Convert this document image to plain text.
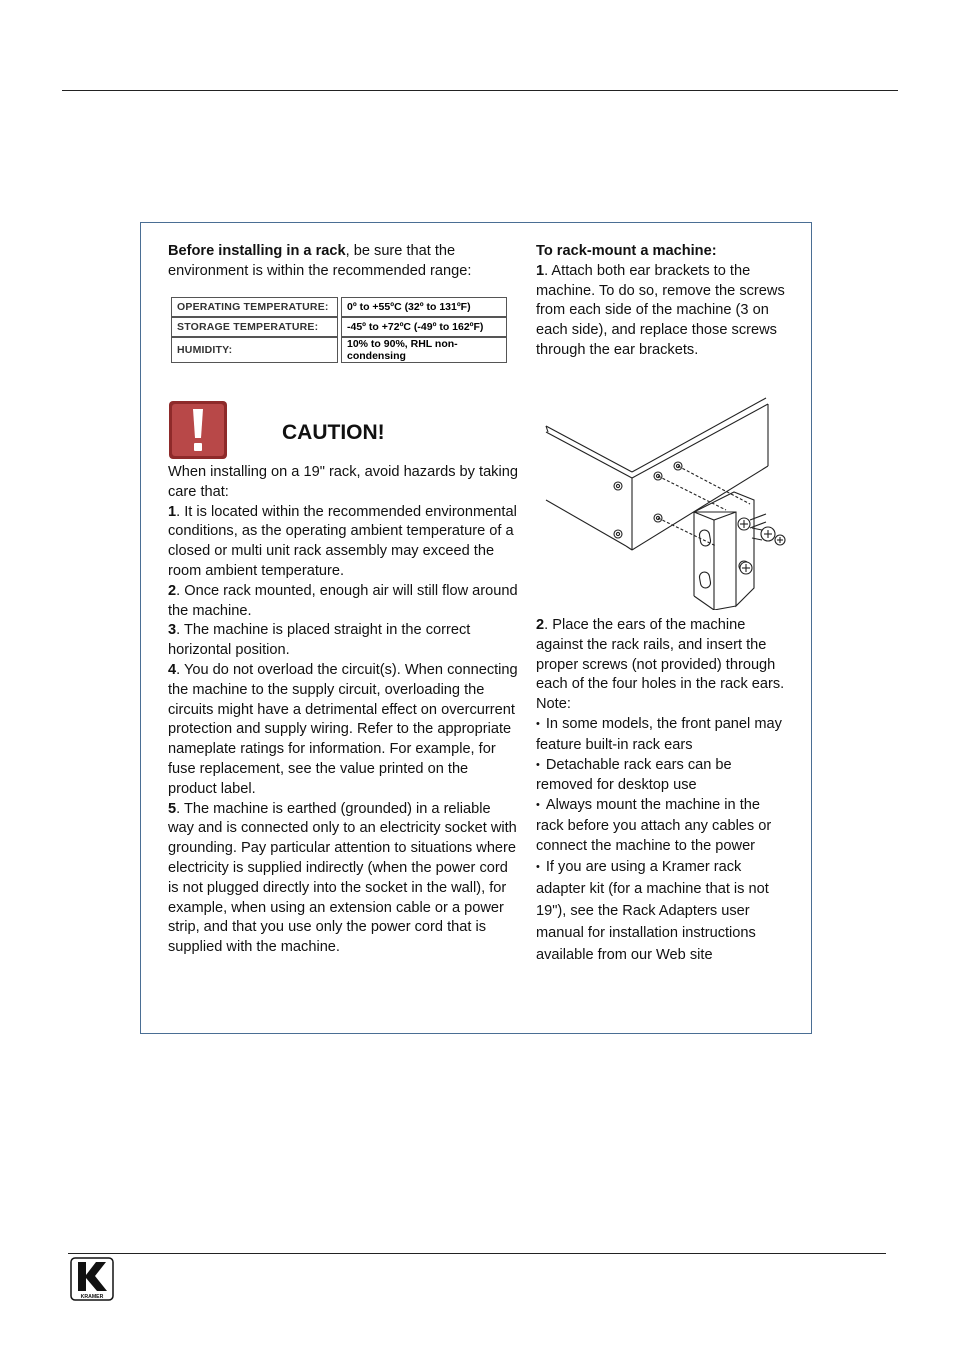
Before installing in a rack, be sure that the environment is within the recommended range:

OPERATING TEMPERATURE:	0º to +55ºC (32º to 131ºF)
STORAGE TEMPERATURE:	-45º to +72ºC (-49º to 162ºF)
HUMIDITY:	10% to 90%, RHL non-condensing

CAUTION!

When installing on a 19" rack, avoid hazards by taking care that:

1. It is located within the recommended environmental conditions, as the operating ambient temperature of a closed or multi unit rack assembly may exceed the room ambient temperature.

2. Once rack mounted, enough air will still flow around the machine.

3. The machine is placed straight in the correct horizontal position.

4. You do not overload the circuit(s). When connecting the machine to the supply circuit, overloading the circuits might have a detrimental effect on overcurrent protection and supply wiring. Refer to the appropriate nameplate ratings for information. For example, for fuse replacement, see the value printed on the product label.

5. The machine is earthed (grounded) in a reliable way and is connected only to an electricity socket with grounding. Pay particular attention to situations where electricity is supplied indirectly (when the power cord is not plugged directly into the socket in the wall), for example, when using an extension cable or a power strip, and that you use only the power cord that is supplied with the machine.

To rack-mount a machine:

1. Attach both ear brackets to the machine. To do so, remove the screws from each side of the machine (3 on each side), and replace those screws through the ear brackets.

2. Place the ears of the machine against the rack rails, and insert the proper screws (not provided) through each of the four holes in the rack ears.

Note:

• In some models, the front panel may feature built-in rack ears

• Detachable rack ears can be removed for desktop use

• Always mount the machine in the rack before you attach any cables or connect the machine to the power

• If you are using a Kramer rack adapter kit (for a machine that is not 19"), see the Rack Adapters user manual for installation instructions available from our Web site

KRAMER
